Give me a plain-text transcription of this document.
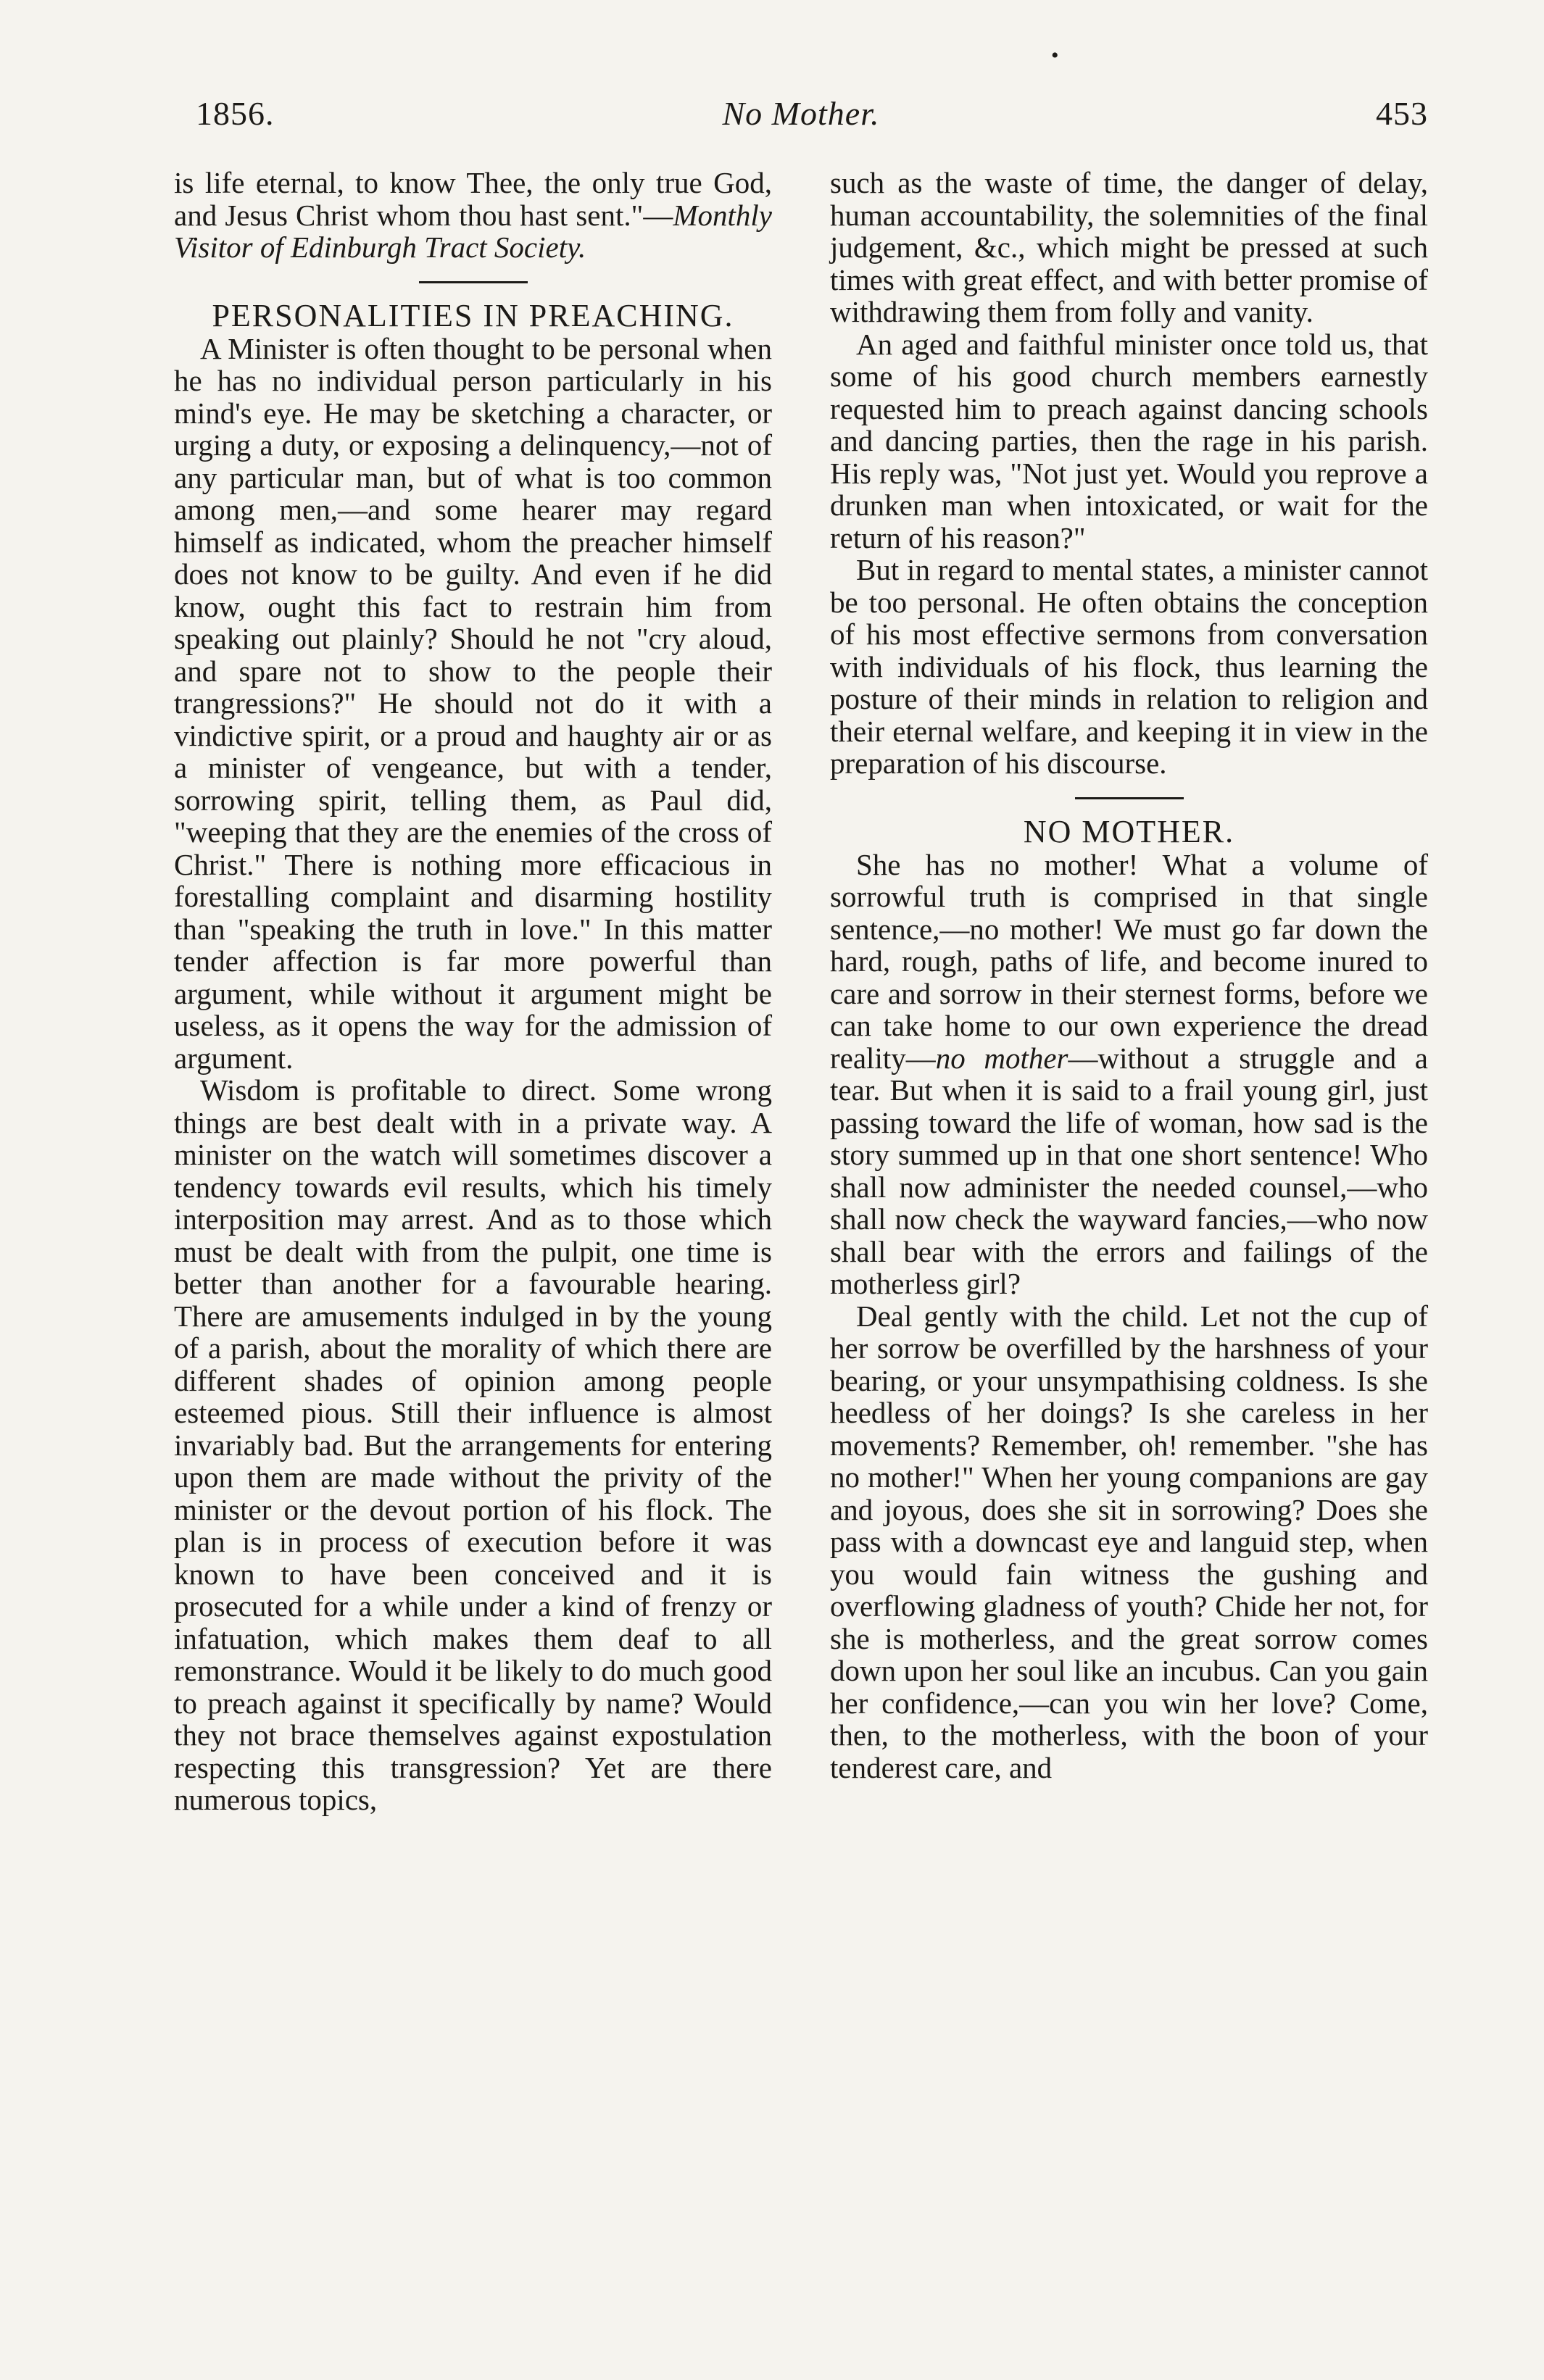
•
1856.	No Mother.	453

is life eternal, to know Thee, the only true God, and Jesus Christ whom thou hast sent."—Monthly Visitor of Edinburgh Tract Society.

PERSONALITIES IN PREACHING.

A Minister is often thought to be personal when he has no individual person particularly in his mind's eye. He may be sketching a character, or urging a duty, or exposing a delinquency,—not of any particular man, but of what is too common among men,—and some hearer may regard himself as indicated, whom the preacher himself does not know to be guilty. And even if he did know, ought this fact to restrain him from speaking out plainly? Should he not "cry aloud, and spare not to show to the people their trangressions?" He should not do it with a vindictive spirit, or a proud and haughty air or as a minister of vengeance, but with a tender, sorrowing spirit, telling them, as Paul did, "weeping that they are the enemies of the cross of Christ." There is nothing more efficacious in forestalling complaint and disarming hostility than "speaking the truth in love." In this matter tender affection is far more powerful than argument, while without it argument might be useless, as it opens the way for the admission of argument.

Wisdom is profitable to direct. Some wrong things are best dealt with in a private way. A minister on the watch will sometimes discover a tendency towards evil results, which his timely interposition may arrest. And as to those which must be dealt with from the pulpit, one time is better than another for a favourable hearing. There are amusements indulged in by the young of a parish, about the morality of which there are different shades of opinion among people esteemed pious. Still their influence is almost invariably bad. But the arrangements for entering upon them are made without the privity of the minister or the devout portion of his flock. The plan is in process of execution before it was known to have been conceived and it is prosecuted for a while under a kind of frenzy or infatuation, which makes them deaf to all remonstrance. Would it be likely to do much good to preach against it specifically by name? Would they not brace themselves against expostulation respecting this transgression? Yet are there numerous topics,

such as the waste of time, the danger of delay, human accountability, the solemnities of the final judgement, &c., which might be pressed at such times with great effect, and with better promise of withdrawing them from folly and vanity.

An aged and faithful minister once told us, that some of his good church members earnestly requested him to preach against dancing schools and dancing parties, then the rage in his parish. His reply was, "Not just yet. Would you reprove a drunken man when intoxicated, or wait for the return of his reason?"

But in regard to mental states, a minister cannot be too personal. He often obtains the conception of his most effective sermons from conversation with individuals of his flock, thus learning the posture of their minds in relation to religion and their eternal welfare, and keeping it in view in the preparation of his discourse.

NO MOTHER.

She has no mother! What a volume of sorrowful truth is comprised in that single sentence,—no mother! We must go far down the hard, rough, paths of life, and become inured to care and sorrow in their sternest forms, before we can take home to our own experience the dread reality—no mother—without a struggle and a tear. But when it is said to a frail young girl, just passing toward the life of woman, how sad is the story summed up in that one short sentence! Who shall now administer the needed counsel,—who shall now check the wayward fancies,—who now shall bear with the errors and failings of the motherless girl?

Deal gently with the child. Let not the cup of her sorrow be overfilled by the harshness of your bearing, or your unsympathising coldness. Is she heedless of her doings? Is she careless in her movements? Remember, oh! remember. "she has no mother!" When her young companions are gay and joyous, does she sit in sorrowing? Does she pass with a downcast eye and languid step, when you would fain witness the gushing and overflowing gladness of youth? Chide her not, for she is motherless, and the great sorrow comes down upon her soul like an incubus. Can you gain her confidence,—can you win her love? Come, then, to the motherless, with the boon of your tenderest care, and
